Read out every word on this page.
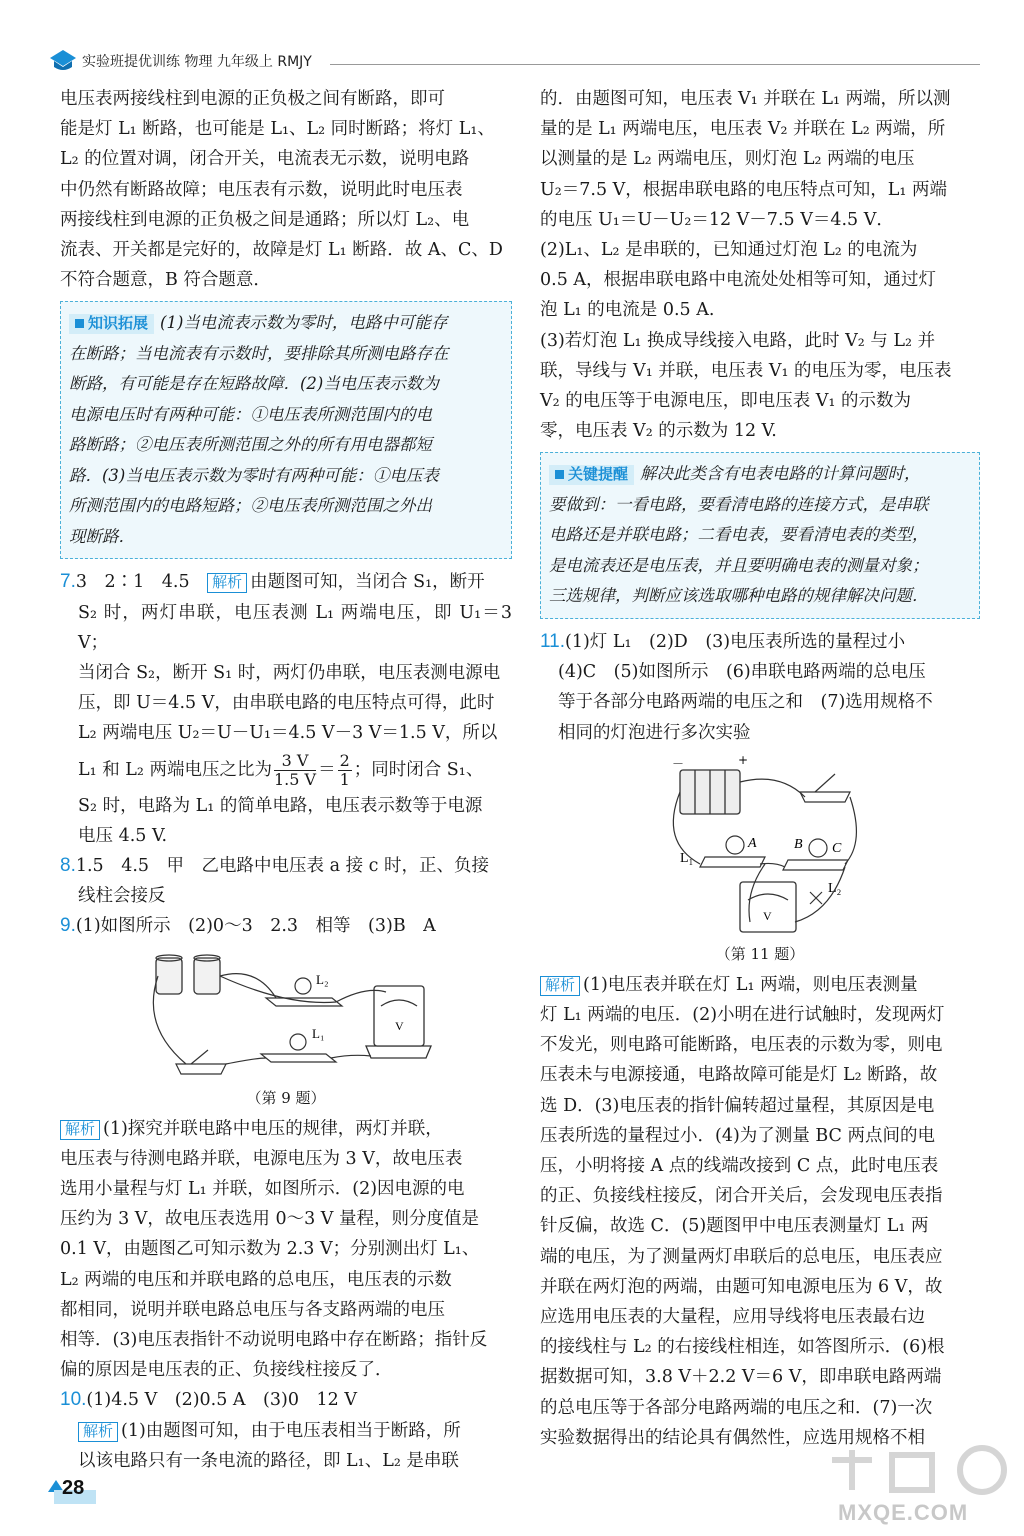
实验班提优训练 物理 九年级上 RMJY

电压表两接线柱到电源的正负极之间有断路，即可

能是灯 L₁ 断路，也可能是 L₁、L₂ 同时断路；将灯 L₁、

L₂ 的位置对调，闭合开关，电流表无示数，说明电路

中仍然有断路故障；电压表有示数，说明此时电压表

两接线柱到电源的正负极之间是通路；所以灯 L₂、电

流表、开关都是完好的，故障是灯 L₁ 断路．故 A、C、D

不符合题意，B 符合题意．

知识拓展 (1)当电流表示数为零时，电路中可能存
在断路；当电流表有示数时，要排除其所测电路存在
断路，有可能是存在短路故障．(2)当电压表示数为
电源电压时有两种可能：①电压表所测范围内的电
路断路；②电压表所测范围之外的所有用电器都短
路．(3)当电压表示数为零时有两种可能：①电压表
所测范围内的电路短路；②电压表所测范围之外出
现断路．

7.3　2∶1　4.5　 解析 由题图可知，当闭合 S₁，断开

S₂ 时，两灯串联，电压表测 L₁ 两端电压，即 U₁＝3 V；

当闭合 S₂，断开 S₁ 时，两灯仍串联，电压表测电源电

压，即 U＝4.5 V，由串联电路的电压特点可得，此时

L₂ 两端电压 U₂＝U－U₁＝4.5 V－3 V＝1.5 V，所以

L₁ 和 L₂ 两端电压之比为 $\frac{3 V}{1.5 V} = \frac{2}{1}$ ；同时闭合 S₁、

S₂ 时，电路为 L₁ 的简单电路，电压表示数等于电源

电压 4.5 V.

8.1.5　4.5　甲　乙电路中电压表 a 接 c 时，正、负接

线柱会接反

9.(1)如图所示　(2)0～3　2.3　相等　(3)B　A

L₂
L₁	V
（第 9 题）

解析 (1)探究并联电路中电压的规律，两灯并联，

电压表与待测电路并联，电源电压为 3 V，故电压表

选用小量程与灯 L₁ 并联，如图所示．(2)因电源的电

压约为 3 V，故电压表选用 0～3 V 量程，则分度值是

0.1 V，由题图乙可知示数为 2.3 V；分别测出灯 L₁、

L₂ 两端的电压和并联电路的总电压，电压表的示数

都相同，说明并联电路总电压与各支路两端的电压

相等．(3)电压表指针不动说明电路中存在断路；指针反

偏的原因是电压表的正、负接线柱接反了．

10.(1)4.5 V　(2)0.5 A　(3)0　12 V

解析 (1)由题图可知，由于电压表相当于断路，所

以该电路只有一条电流的路径，即 L₁、L₂ 是串联

的．由题图可知，电压表 V₁ 并联在 L₁ 两端，所以测

量的是 L₁ 两端电压，电压表 V₂ 并联在 L₂ 两端，所

以测量的是 L₂ 两端电压，则灯泡 L₂ 两端的电压

U₂＝7.5 V，根据串联电路的电压特点可知，L₁ 两端

的电压 U₁＝U－U₂＝12 V－7.5 V＝4.5 V．

(2)L₁、L₂ 是串联的，已知通过灯泡 L₂ 的电流为

0.5 A，根据串联电路中电流处处相等可知，通过灯

泡 L₁ 的电流是 0.5 A.

(3)若灯泡 L₁ 换成导线接入电路，此时 V₂ 与 L₂ 并

联，导线与 V₁ 并联，电压表 V₁ 的电压为零，电压表

V₂ 的电压等于电源电压，即电压表 V₁ 的示数为

零，电压表 V₂ 的示数为 12 V.

关键提醒 解决此类含有电表电路的计算问题时，
要做到：一看电路，要看清电路的连接方式，是串联
电路还是并联电路；二看电表，要看清电表的类型，
是电流表还是电压表，并且要明确电表的测量对象；
三选规律，判断应该选取哪种电路的规律解决问题．

11.(1)灯 L₁　(2)D　(3)电压表所选的量程过小

(4)C　(5)如图所示　(6)串联电路两端的总电压

等于各部分电路两端的电压之和　(7)选用规格不

相同的灯泡进行多次实验

－	+
L₁
A	B C
L₂
V
（第 11 题）

解析 (1)电压表并联在灯 L₁ 两端，则电压表测量

灯 L₁ 两端的电压．(2)小明在进行试触时，发现两灯

不发光，则电路可能断路，电压表的示数为零，则电

压表未与电源接通，电路故障可能是灯 L₂ 断路，故

选 D．(3)电压表的指针偏转超过量程，其原因是电

压表所选的量程过小．(4)为了测量 BC 两点间的电

压，小明将接 A 点的线端改接到 C 点，此时电压表

的正、负接线柱接反，闭合开关后，会发现电压表指

针反偏，故选 C．(5)题图甲中电压表测量灯 L₁ 两

端的电压，为了测量两灯串联后的总电压，电压表应

并联在两灯泡的两端，由题可知电源电压为 6 V，故

应选用电压表的大量程，应用导线将电压表最右边

的接线柱与 L₂ 的右接线柱相连，如答图所示．(6)根

据数据可知，3.8 V＋2.2 V＝6 V，即串联电路两端

的总电压等于各部分电路两端的电压之和．(7)一次

实验数据得出的结论具有偶然性，应选用规格不相

28
MXQE.COM
